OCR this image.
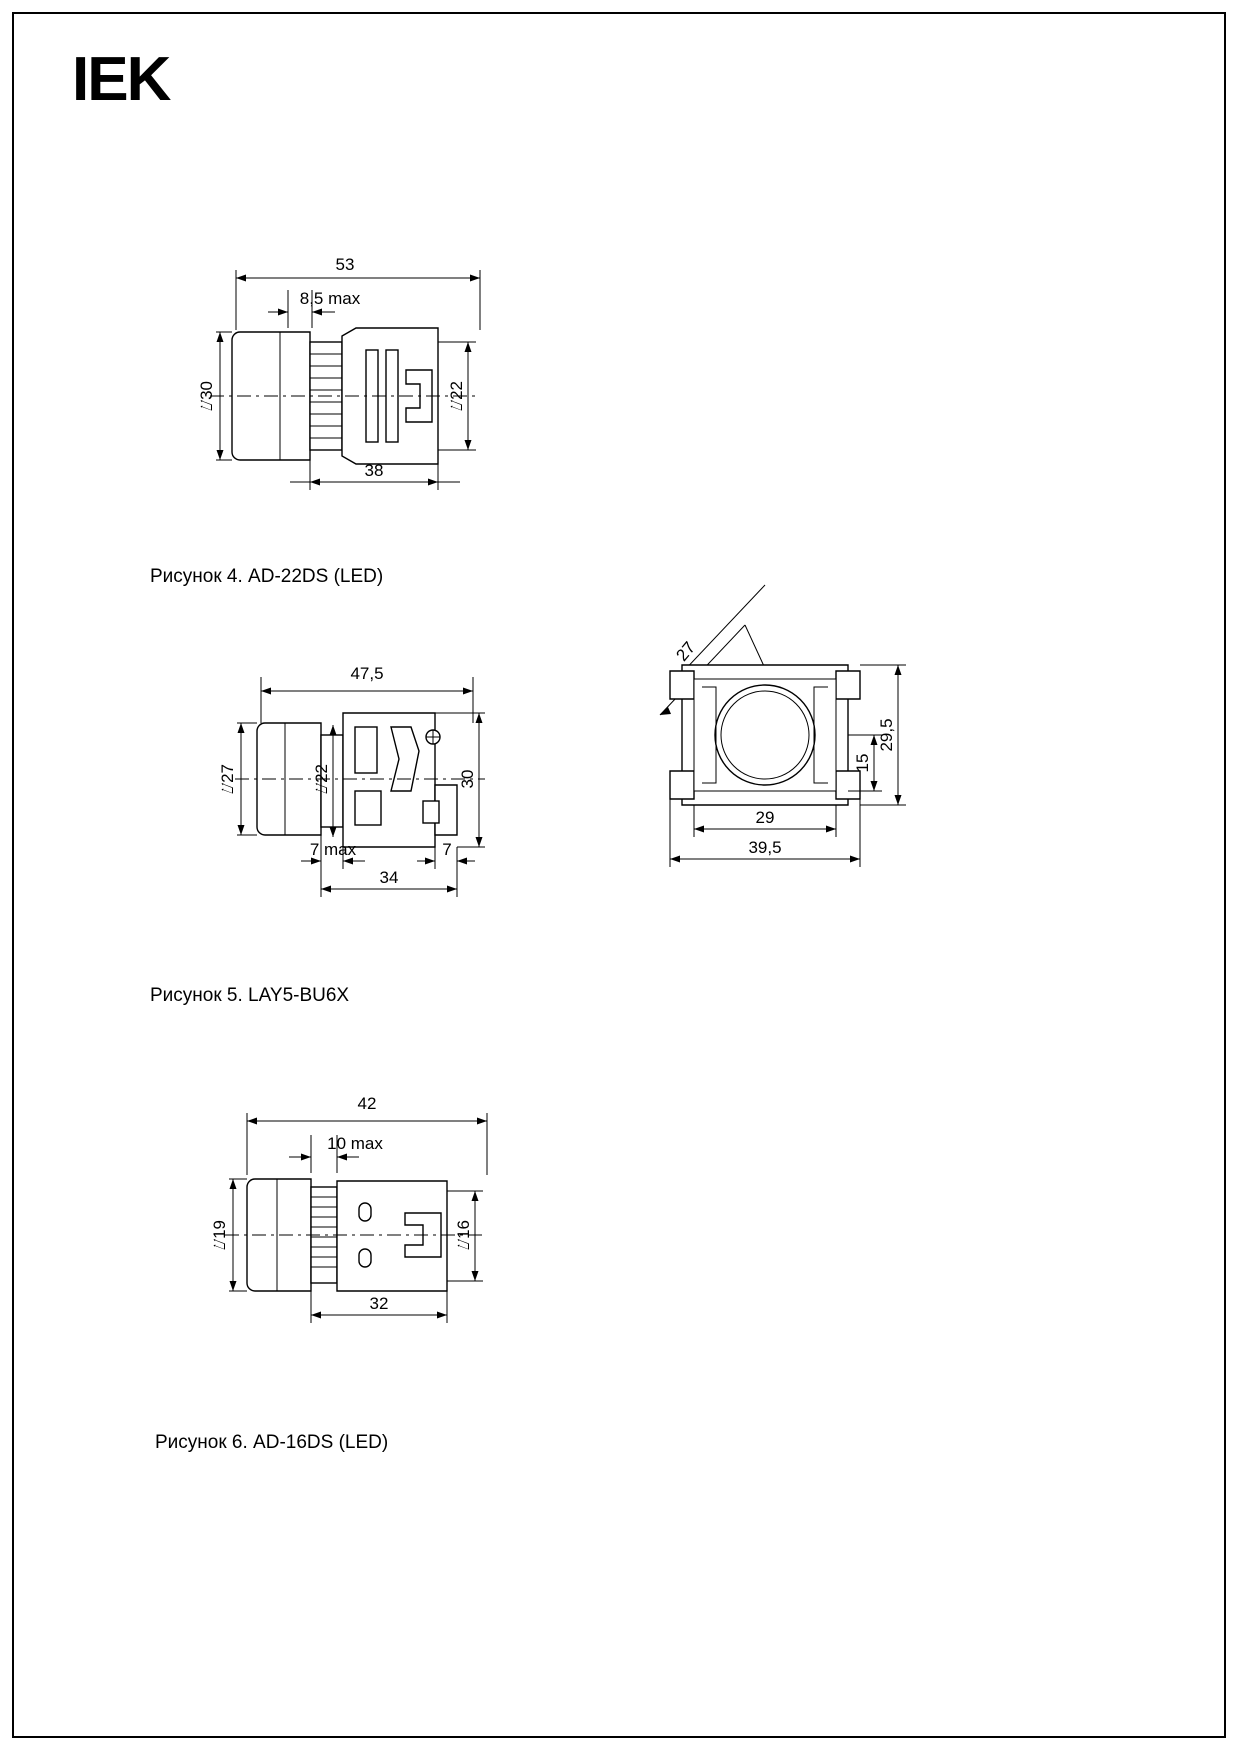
IEK
53
8,5 max
⌰30	⌰22
38
Рисунок 4. AD-22DS (LED)
47,5
⌰27	⌰22	30
7 max	7
34
27
29
39,5
29,5
15
Рисунок 5. LAY5-BU6X
42
10 max
⌰19	⌰16
32
Рисунок 6. AD-16DS (LED)
